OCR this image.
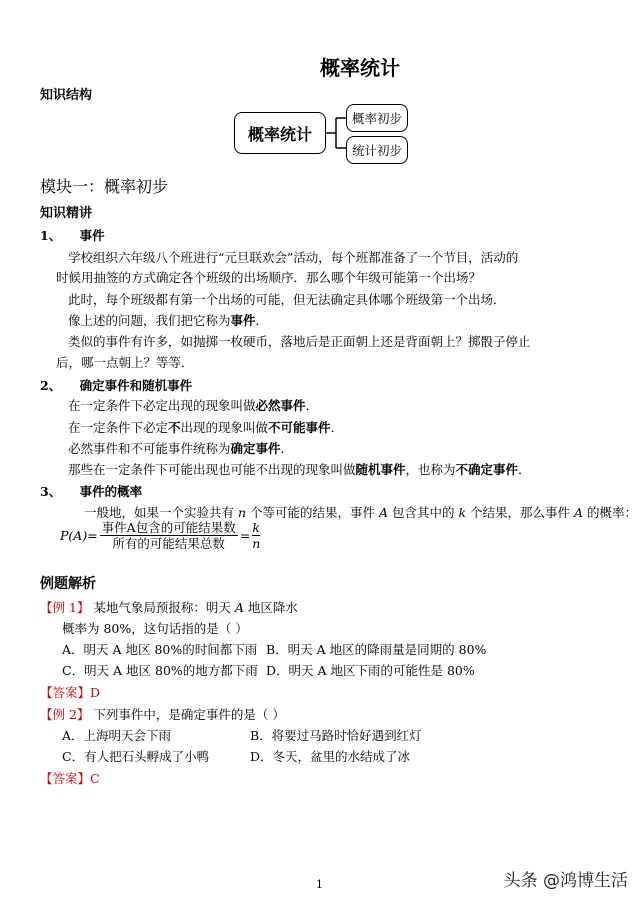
概率统计
知识结构
概率统计
概率初步
统计初步
模块一：概率初步
知识精讲
1、 事件
学校组织六年级八个班进行“元旦联欢会”活动，每个班都准备了一个节目，活动的
时候用抽签的方式确定各个班级的出场顺序．那么哪个年级可能第一个出场？
此时，每个班级都有第一个出场的可能，但无法确定具体哪个班级第一个出场．
像上述的问题，我们把它称为事件．
类似的事件有许多，如抛掷一枚硬币，落地后是正面朝上还是背面朝上？掷骰子停止
后，哪一点朝上？等等．
2、 确定事件和随机事件
在一定条件下必定出现的现象叫做必然事件．
在一定条件下必定不出现的现象叫做不可能事件．
必然事件和不可能事件统称为确定事件．
那些在一定条件下可能出现也可能不出现的现象叫做随机事件，也称为不确定事件．
3、 事件的概率
一般地，如果一个实验共有 n 个等可能的结果，事件 A 包含其中的 k 个结果，那么事件 A 的概率：
P(A)=
事件A包含的可能结果数
所有的可能结果总数
= $\frac{k}{n}$
例题解析
【例 1】 某地气象局预报称：明天 A 地区降水
概率为 80%，这句话指的是（ ）
A．明天 A 地区 80%的时间都下雨 B．明天 A 地区的降雨量是同期的 80%
C．明天 A 地区 80%的地方都下雨 D．明天 A 地区下雨的可能性是 80%
【答案】D
【例 2】 下列事件中，是确定事件的是（ ）
A．上海明天会下雨	B．将要过马路时恰好遇到红灯
C．有人把石头孵成了小鸭	D．冬天，盆里的水结成了冰
【答案】C
1	头条 @鸿博生活
